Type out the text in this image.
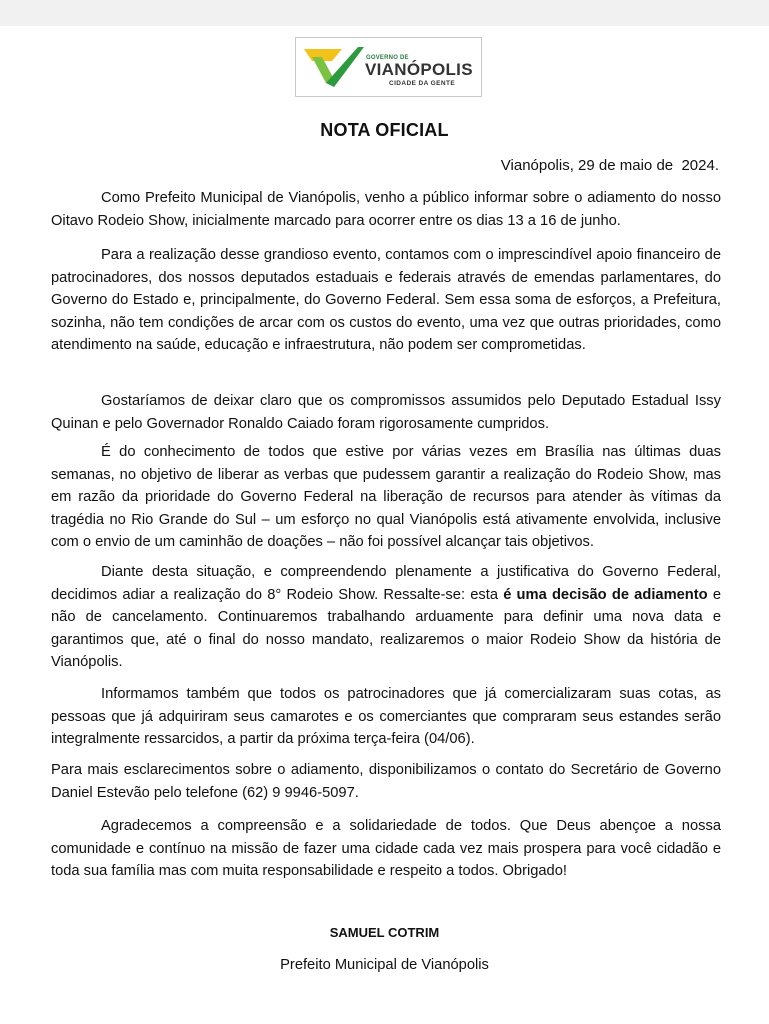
GOVERNO DE
VIANÓPOLIS
CIDADE DA GENTE
NOTA OFICIAL
Vianópolis, 29 de maio de  2024.

Como Prefeito Municipal de Vianópolis, venho a público informar sobre o adiamento do nosso Oitavo Rodeio Show, inicialmente marcado para ocorrer entre os dias 13 a 16 de junho.

Para a realização desse grandioso evento, contamos com o imprescindível apoio financeiro de patrocinadores, dos nossos deputados estaduais e federais através de emendas parlamentares, do Governo do Estado e, principalmente, do Governo Federal. Sem essa soma de esforços, a Prefeitura, sozinha, não tem condições de arcar com os custos do evento, uma vez que outras prioridades, como atendimento na saúde, educação e infraestrutura, não podem ser comprometidas.

Gostaríamos de deixar claro que os compromissos assumidos pelo Deputado Estadual Issy Quinan e pelo Governador Ronaldo Caiado foram rigorosamente cumpridos.

É do conhecimento de todos que estive por várias vezes em Brasília nas últimas duas semanas, no objetivo de liberar as verbas que pudessem garantir a realização do Rodeio Show, mas em razão da prioridade do Governo Federal na liberação de recursos para atender às vítimas da tragédia no Rio Grande do Sul – um esforço no qual Vianópolis está ativamente envolvida, inclusive com o envio de um caminhão de doações – não foi possível alcançar tais objetivos.

Diante desta situação, e compreendendo plenamente a justificativa do Governo Federal, decidimos adiar a realização do 8° Rodeio Show. Ressalte-se: esta é uma decisão de adiamento e não de cancelamento. Continuaremos trabalhando arduamente para definir uma nova data e garantimos que, até o final do nosso mandato, realizaremos o maior Rodeio Show da história de Vianópolis.

Informamos também que todos os patrocinadores que já comercializaram suas cotas, as pessoas que já adquiriram seus camarotes e os comerciantes que compraram seus estandes serão integralmente ressarcidos, a partir da próxima terça-feira (04/06).

Para mais esclarecimentos sobre o adiamento, disponibilizamos o contato do Secretário de Governo Daniel Estevão pelo telefone (62) 9 9946-5097.

Agradecemos a compreensão e a solidariedade de todos. Que Deus abençoe a nossa comunidade e contínuo na missão de fazer uma cidade cada vez mais prospera para você cidadão e toda sua família mas com muita responsabilidade e respeito a todos. Obrigado!

SAMUEL COTRIM
Prefeito Municipal de Vianópolis
